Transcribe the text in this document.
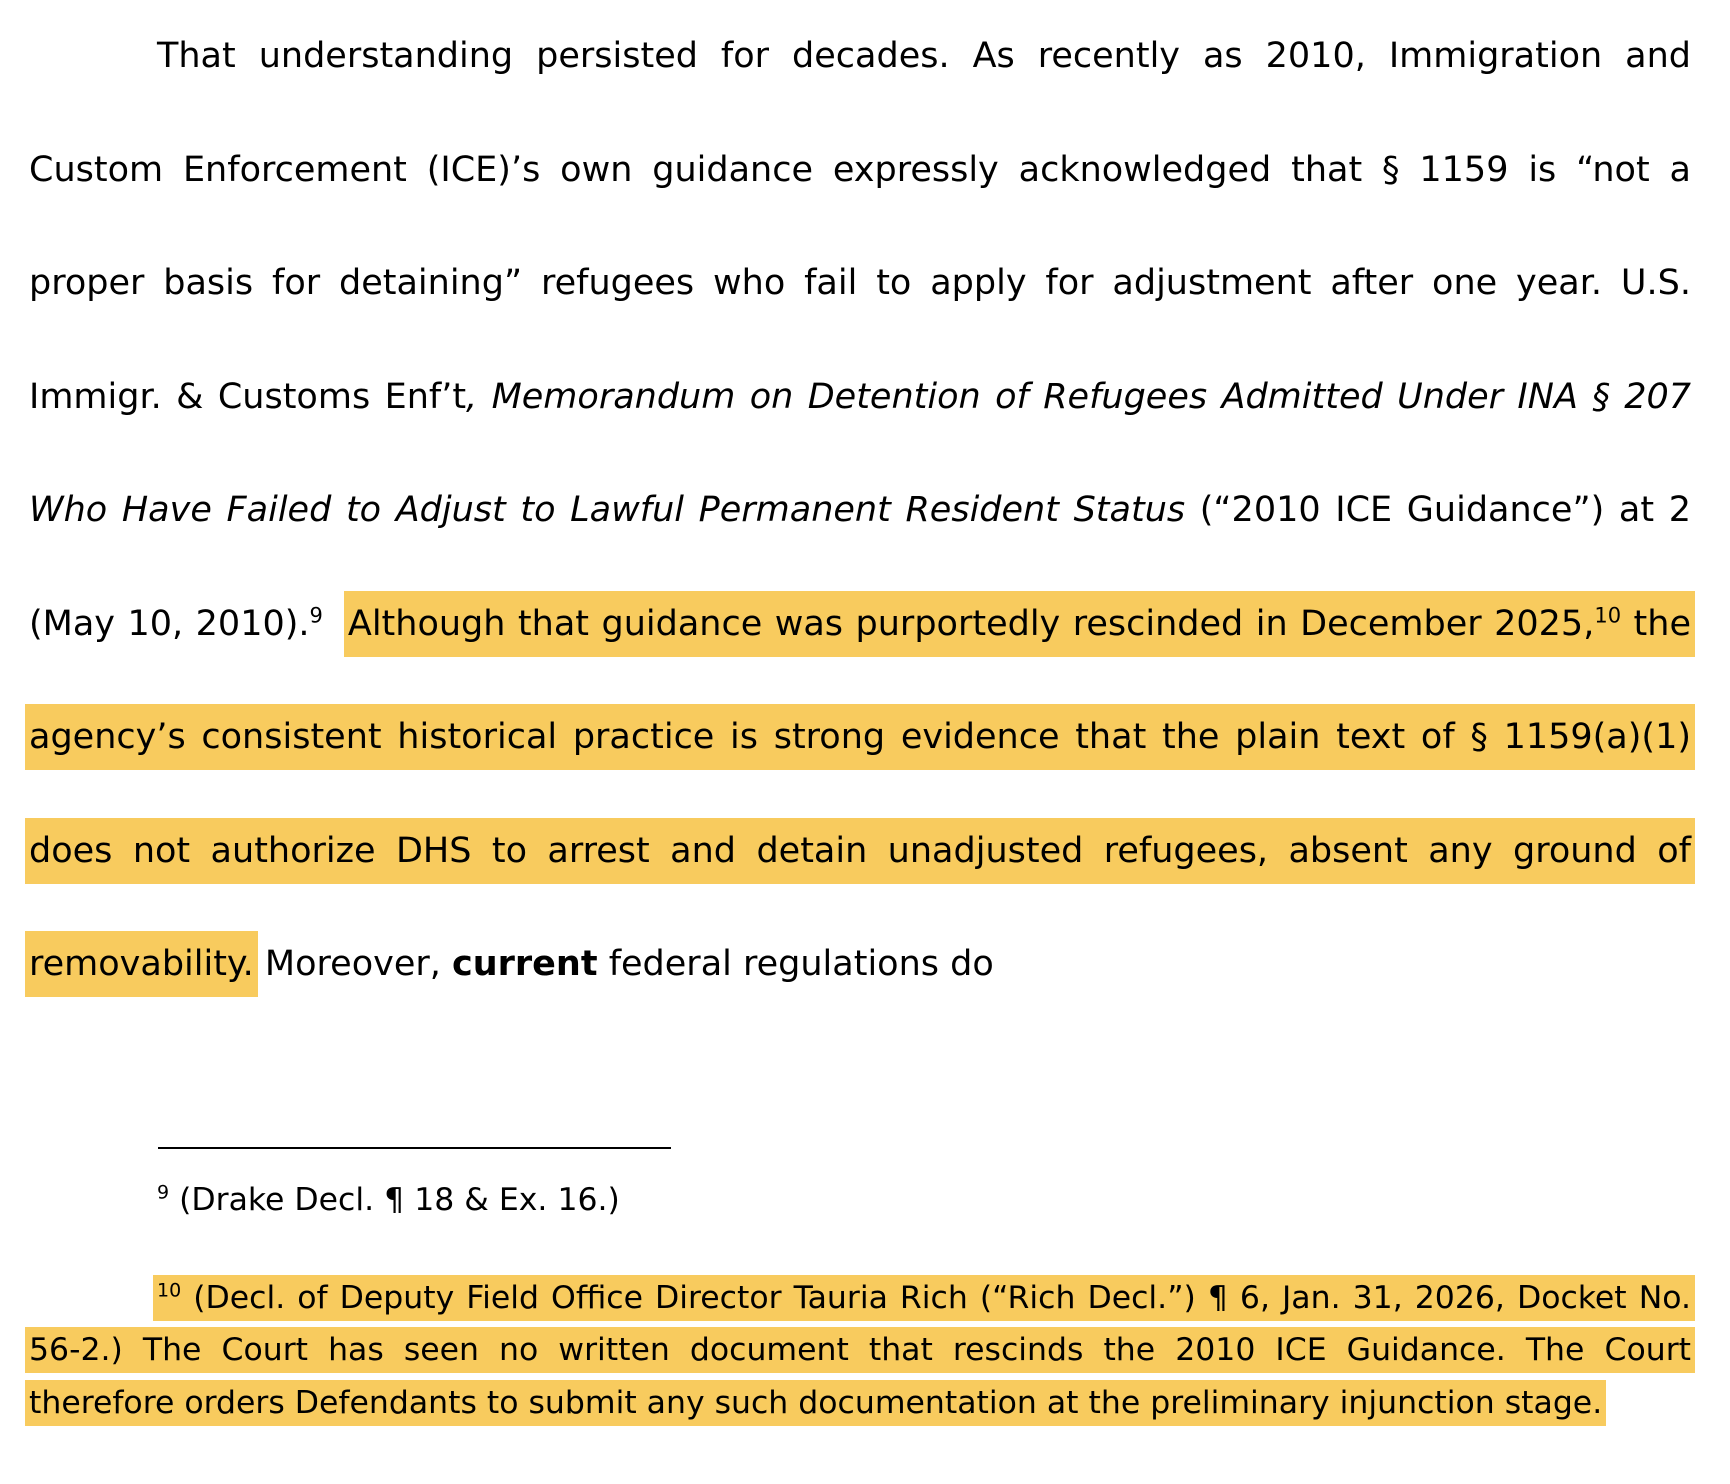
That understanding persisted for decades. As recently as 2010, Immigration and Custom Enforcement (ICE)’s own guidance expressly acknowledged that § 1159 is “not a proper basis for detaining” refugees who fail to apply for adjustment after one year. U.S. Immigr. & Customs Enf’t, Memorandum on Detention of Refugees Admitted Under INA § 207 Who Have Failed to Adjust to Lawful Permanent Resident Status (“2010 ICE Guidance”) at 2 (May 10, 2010).$^9$ Although that guidance was purportedly rescinded in December 2025,10 the agency’s consistent historical practice is strong evidence that the plain text of § 1159(a)(1) does not authorize DHS to arrest and detain unadjusted refugees, absent any ground of removability. Moreover, current federal regulations do

$^9$ (Drake Decl. ¶ 18 & Ex. 16.)

$^{10}$ (Decl. of Deputy Field Office Director Tauria Rich (“Rich Decl.”) ¶ 6, Jan. 31, 2026, Docket No. 56-2.) The Court has seen no written document that rescinds the 2010 ICE Guidance. The Court therefore orders Defendants to submit any such documentation at the preliminary injunction stage.
